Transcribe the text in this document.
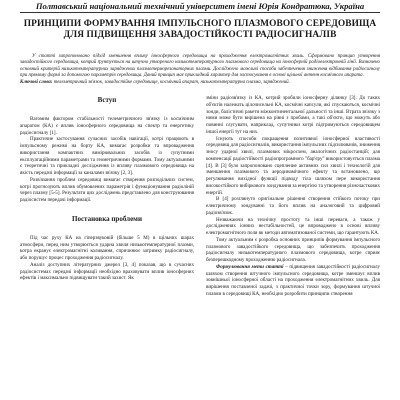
Полтавський національний технічний університет імені Юрія Кондратюка, Україна
ПРИНЦИПИ ФОРМУВАННЯ ІМПУЛЬСНОГО ПЛАЗМОВОГО СЕРЕДОВИЩА
ДЛЯ ПІДВИЩЕННЯ ЗАВАДОСТІЙКОСТІ РАДІОСИГНАЛІВ
У статті запропоновано підхід зменшення впливу іоносферного середовища на проходження електромагнітних хвиль. Сформовано принцип утворення завадостійкого середовища, котрий ґрунтується на штучно утвореного низькотемпературного плазмового середовища на іоносферній радіоелектронній лінії. Визначено основний критерій низькотемпературних заряджених плазмотерморезонаторних плазми. Досліджено можливі способи забезпечення зниження відбивання радіосигналу при прямому формі за допомогою параметрів середовища. Даний принцип має прикладний характер для застосування в основі щільної антенн космічного апарата.
Ключові слова: телеметричний зв'язок, завадостійке середовище, космічний апарат, низькотемпературна плазма, заряджений.
Вступ

Вагомим фактором стабільності телеметричного зв'язку із космічним апаратом (КА) є вплив іоносферного середовища на спектр та енергетику радіосигналу [1].

Практичне застосування сучасних засобів навігації, котрі працюють в імпульсному режимі на борту КА, вимагає розробки та впровадження використання компактних вимірювальних засобів із супутними експлуатаційними параметрами та геометричними формами. Тому актуальними є теоретичні та прикладні дослідження із впливу плазмового середовища на якість передачі інформації за каналами зв'язку [2, 3].

Розв'язання проблем середовищ вимагає створення розподільчих систем, котрі прогнозують вплив обумовлених параметрів і функціонування радіоліній через плазму [5-5]. Результати цих досліджень представлено для конструювання радіосистем передачі інформації.

Постановка проблеми

Під час руху КА на гіперзвуковій (більше 5 М) в щільних шарах атмосфери, перед ним утворюється ударна хвиля низькотемпературної плазми, котра екранує електромагнітні коливання, спричинює затримку радіосигналу, або порушує процес проходження радіосигналу.

Аналіз доступних літературних джерел [3, 4] показав, що в сучасних радіосистемах передачі інформації необхідно враховувати вплив іоносферних ефектів і максимально підвищувати такий захист. Як

зміни радіозв'язку із КА, котрий зробили іоносферну ділянку [3]. До таких об'єктів належать цілочисельні КА, космічні капсули, які спускаються, космічні зонди, балістичні ракети міжконтинентальної дальності та інші. Втрата зв'язку з ними може бути вирішена на рівні з пробами, а такі об'єкти, що можуть або повинні слугувати, наприклад, супутники котрі підтримуються середовищем іншої енергії тут на них.

Існують способи покращення позитивної іоносферної властивості середовищ для радіосигналів, використання імпульсних підсилювачів, зниження зносу ударної хвилі, плазмових мікросхем, аналогічних радіостанцій; для компенсації радіостійкості радіопрограмного "бар'єру" використовується плазма [4]. В [3] було запропоновано сцепление активних сил хвилі і технологій для зменшення плазмового та аеродинамічного ефекту та встановлено, що регулювання вихідної функції підводу тіла шляхом пере використання високостійкого вибіркового зондування за енергією та утворення різночасткових енергій.

В [4] розглянуто оригінальне рішення створення стійкого потоку при електричному зондуванні та його вплив на аналоговий та цифровий радіозв'язок.

Незважаючи на технічну простоту та інші переваги, а також у дослідженнях іонних нестабільностей, це впроваджено в основі впливу електромагнітного поля як методи автоматизованої системи, що гарантують КА.

Тому актуальним є розробка основних принципів формування імпульсного плазмового завадостійкого середовища, що забезпечить проходження радіосигналу низькотемпературного плазмового середовища, котре сприяє безперешкодному проходженню радіосигнала.

Формулювання мети статті – підвищення завадостійкості радіосигналу шляхом створення штучного імпульсного середовища, котре зменшує вплив зовнішньої іоносферної області на проходження електромагнітних хвиль. Для вирішення поставленої задачі, з практичної точки зору, формування штучної плазми в середовищі КА, необхідно розробити принципи створення
